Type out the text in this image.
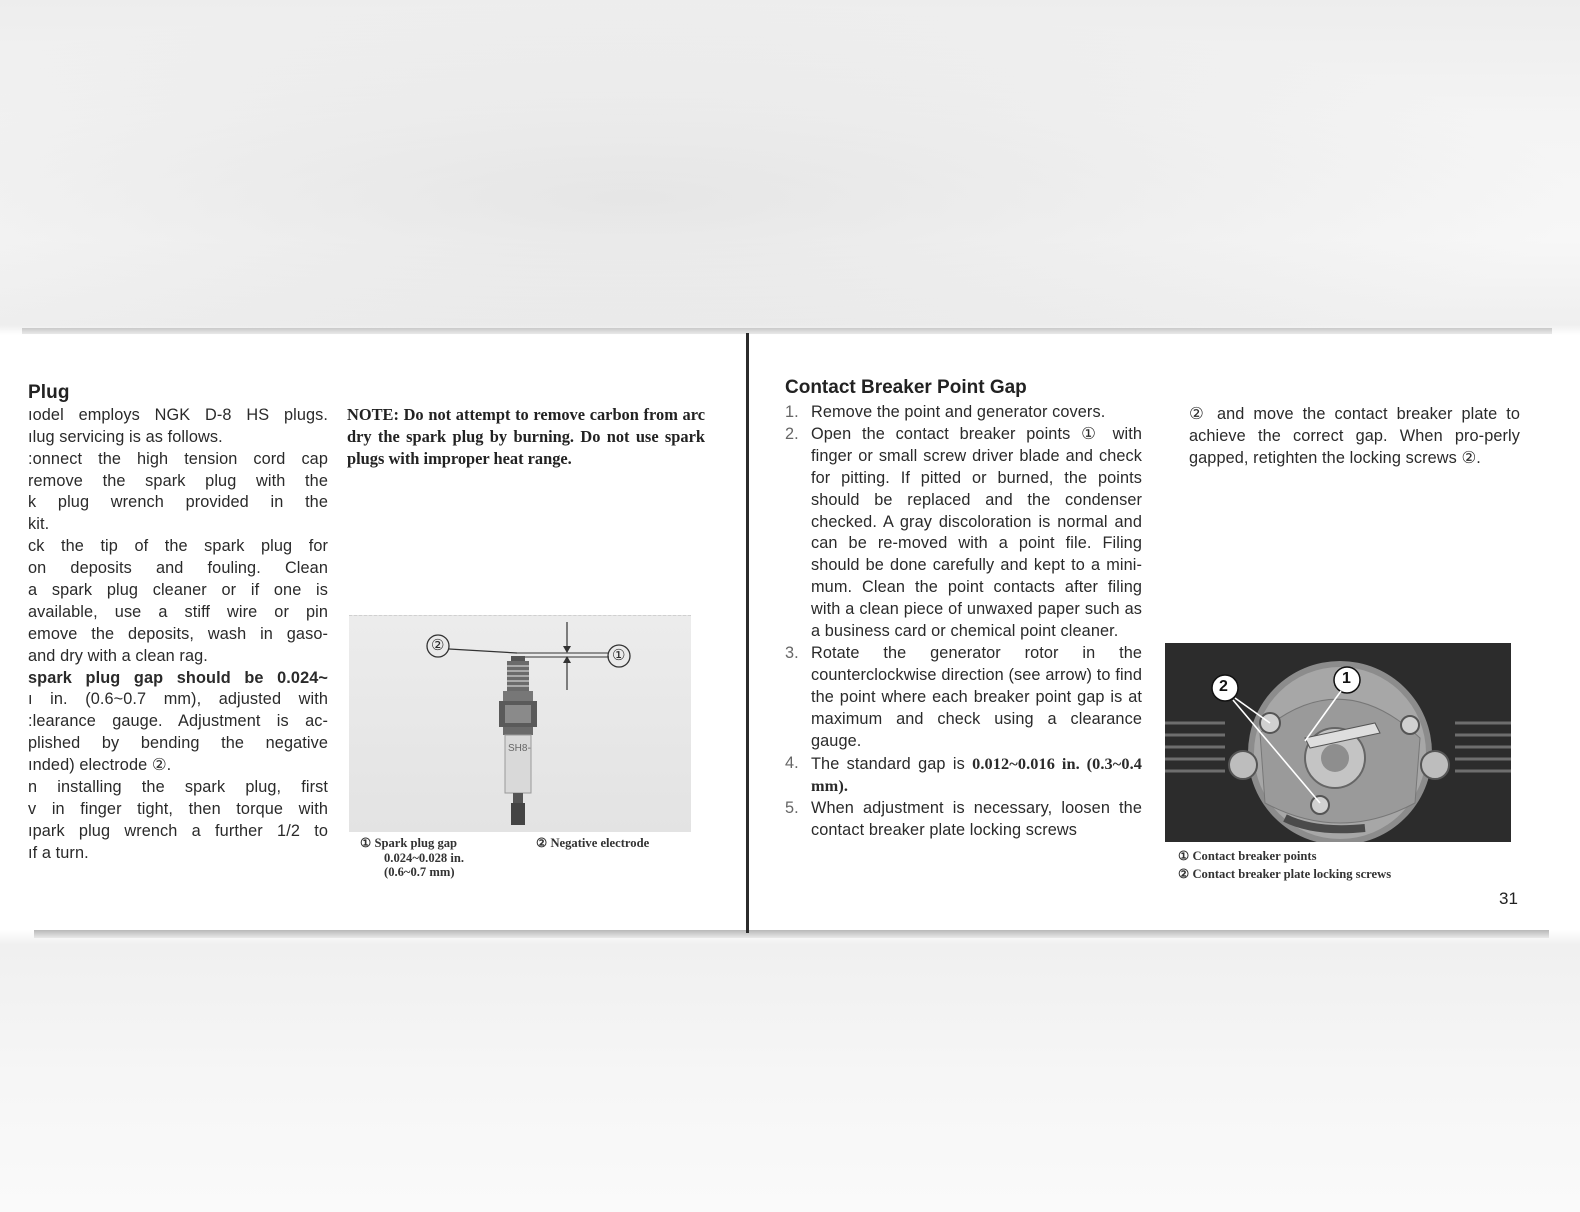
Plug
ıodel employs NGK D-8 HS plugs.
ılug servicing is as follows.
:onnect the high tension cord cap
remove the spark plug with the
k plug wrench provided in the
kit.
ck the tip of the spark plug for
on deposits and fouling. Clean
a spark plug cleaner or if one is
available, use a stiff wire or pin
emove the deposits, wash in gaso-
and dry with a clean rag.
spark plug gap should be 0.024~
ı in. (0.6~0.7 mm), adjusted with
:learance gauge. Adjustment is ac-
plished by bending the negative
ınded) electrode ②.
n installing the spark plug, first
v in finger tight, then torque with
ıpark plug wrench a further 1/2 to
ıf a turn.
NOTE: Do not attempt to remove carbon from arc dry the spark plug by burning. Do not use spark plugs with improper heat range.
②
①
SH8-
① Spark plug gap
0.024~0.028 in.
(0.6~0.7 mm)
② Negative electrode
Contact Breaker Point Gap
1. Remove the point and generator covers.
2. Open the contact breaker points ① with finger or small screw driver blade and check for pitting. If pitted or burned, the points should be replaced and the condenser checked. A gray discoloration is normal and can be re-moved with a point file. Filing should be done carefully and kept to a mini-mum. Clean the point contacts after filing with a clean piece of unwaxed paper such as a business card or chemical point cleaner.
3. Rotate the generator rotor in the counterclockwise direction (see arrow) to find the point where each breaker point gap is at maximum and check using a clearance gauge.
4. The standard gap is 0.012~0.016 in. (0.3~0.4 mm).
5. When adjustment is necessary, loosen the contact breaker plate locking screws
② and move the contact breaker plate to achieve the correct gap. When pro-perly gapped, retighten the locking screws ②.
2	1
① Contact breaker points
② Contact breaker plate locking screws
31
